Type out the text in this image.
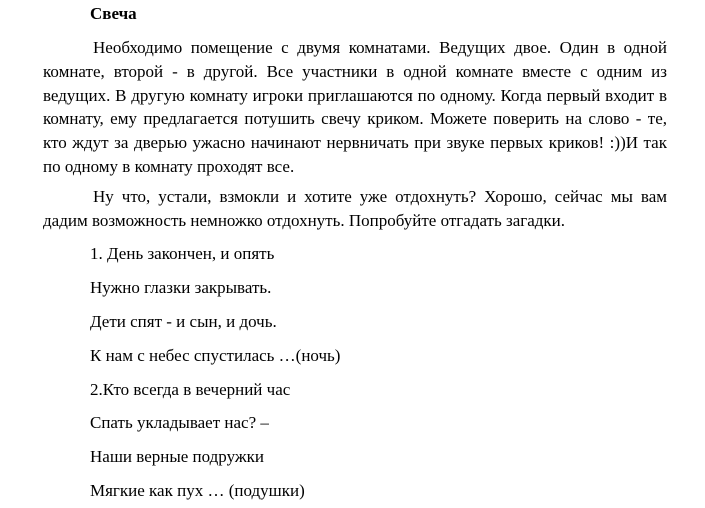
Свеча

Необходимо помещение с двумя комнатами. Ведущих двое. Один в одной комнате, второй - в другой. Все участники в одной комнате вместе с одним из ведущих. В другую комнату игроки приглашаются по одному. Когда первый входит в комнату, ему предлагается потушить свечу криком. Можете поверить на слово - те, кто ждут за дверью ужасно начинают нервничать при звуке первых криков! :))И так по одному в комнату проходят все.

Ну что, устали, взмокли и хотите уже отдохнуть? Хорошо, сейчас мы вам дадим возможность немножко отдохнуть. Попробуйте отгадать загадки.

1. День закончен, и опять

Нужно глазки закрывать.

Дети спят - и сын, и дочь.

К нам с небес спустилась …(ночь)

2.Кто всегда в вечерний час

Спать укладывает нас? –

Наши верные подружки

Мягкие как пух … (подушки)
